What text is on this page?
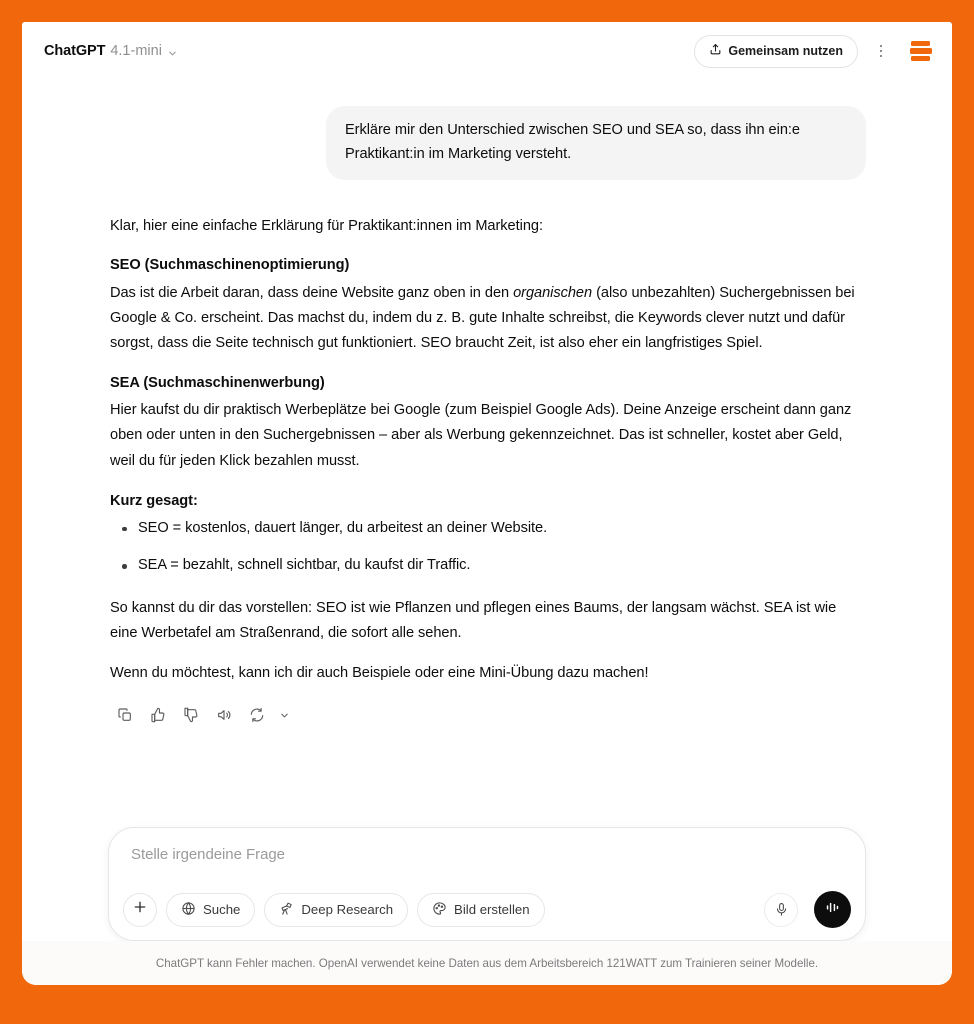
ChatGPT 4.1-mini	Gemeinsam nutzen
Erkläre mir den Unterschied zwischen SEO und SEA so, dass ihn ein:e Praktikant:in im Marketing versteht.

Klar, hier eine einfache Erklärung für Praktikant:innen im Marketing:

SEO (Suchmaschinenoptimierung)

Das ist die Arbeit daran, dass deine Website ganz oben in den organischen (also unbezahlten) Suchergebnissen bei Google & Co. erscheint. Das machst du, indem du z. B. gute Inhalte schreibst, die Keywords clever nutzt und dafür sorgst, dass die Seite technisch gut funktioniert. SEO braucht Zeit, ist also eher ein langfristiges Spiel.

SEA (Suchmaschinenwerbung)

Hier kaufst du dir praktisch Werbeplätze bei Google (zum Beispiel Google Ads). Deine Anzeige erscheint dann ganz oben oder unten in den Suchergebnissen – aber als Werbung gekennzeichnet. Das ist schneller, kostet aber Geld, weil du für jeden Klick bezahlen musst.

Kurz gesagt:
SEO = kostenlos, dauert länger, du arbeitest an deiner Website.
SEA = bezahlt, schnell sichtbar, du kaufst dir Traffic.

So kannst du dir das vorstellen: SEO ist wie Pflanzen und pflegen eines Baums, der langsam wächst. SEA ist wie eine Werbetafel am Straßenrand, die sofort alle sehen.

Wenn du möchtest, kann ich dir auch Beispiele oder eine Mini-Übung dazu machen!

Stelle irgendeine Frage
Suche	Deep Research	Bild erstellen
ChatGPT kann Fehler machen. OpenAI verwendet keine Daten aus dem Arbeitsbereich 121WATT zum Trainieren seiner Modelle.
